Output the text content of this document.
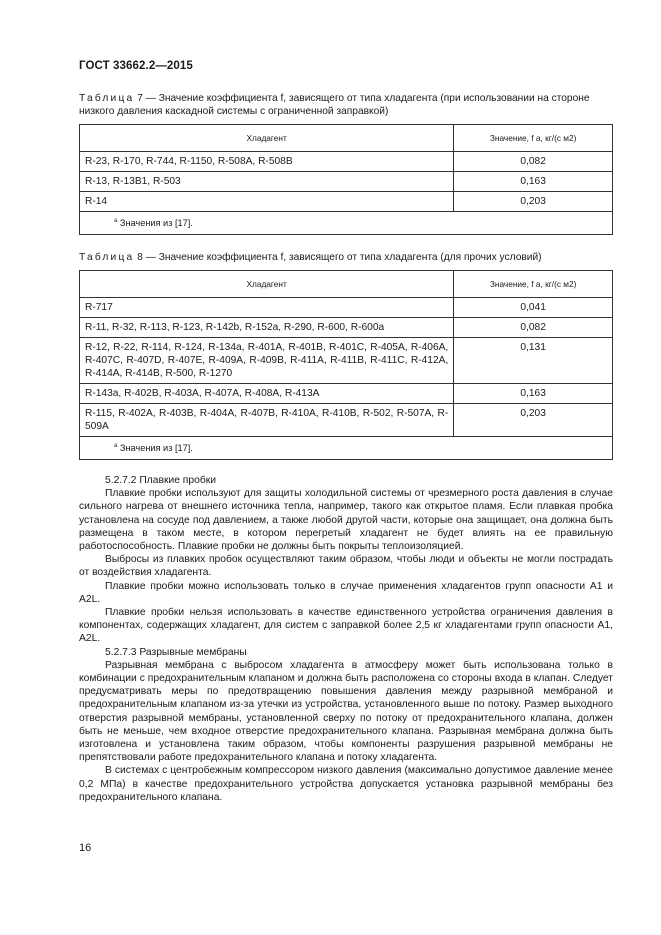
ГОСТ 33662.2—2015
Таблица 7 — Значение коэффициента f, зависящего от типа хладагента (при использовании на стороне низкого давления каскадной системы с ограниченной заправкой)
Хладагент	Значение, f a, кг/(с м2)
R-23, R-170, R-744, R-1150, R-508A, R-508B	0,082
R-13, R-13B1, R-503	0,163
R-14	0,203
$^a$ Значения из [17].	
Таблица 8 — Значение коэффициента f, зависящего от типа хладагента (для прочих условий)
Хладагент	Значение, f a, кг/(с м2)
R-717	0,041
R-11, R-32, R-113, R-123, R-142b, R-152a, R-290, R-600, R-600a	0,082
R-12, R-22, R-114, R-124, R-134a, R-401A, R-401B, R-401C, R-405A, R-406A, R-407C, R-407D, R-407E, R-409A, R-409B, R-411A, R-411B, R-411C, R-412A, R-414A, R-414B, R-500, R-1270	0,131
R-143a, R-402B, R-403A, R-407A, R-408A, R-413A	0,163
R-115, R-402A, R-403B, R-404A, R-407B, R-410A, R-410B, R-502, R-507A, R-509A	0,203
$^a$ Значения из [17].	

5.2.7.2 Плавкие пробки

Плавкие пробки используют для защиты холодильной системы от чрезмерного роста давления в случае сильного нагрева от внешнего источника тепла, например, такого как открытое пламя. Если плавкая пробка установлена на сосуде под давлением, а также любой другой части, которые она защищает, она должна быть размещена в таком месте, в котором перегретый хладагент не будет влиять на ее правильную работоспособность. Плавкие пробки не должны быть покрыты теплоизоляцией.

Выбросы из плавких пробок осуществляют таким образом, чтобы люди и объекты не могли пострадать от воздействия хладагента.

Плавкие пробки можно использовать только в случае применения хладагентов групп опасности A1 и A2L.

Плавкие пробки нельзя использовать в качестве единственного устройства ограничения давления в компонентах, содержащих хладагент, для систем с заправкой более 2,5 кг хладагентами групп опасности A1, A2L.

5.2.7.3 Разрывные мембраны

Разрывная мембрана с выбросом хладагента в атмосферу может быть использована только в комбинации с предохранительным клапаном и должна быть расположена со стороны входа в клапан. Следует предусматривать меры по предотвращению повышения давления между разрывной мембраной и предохранительным клапаном из-за утечки из устройства, установленного выше по потоку. Размер выходного отверстия разрывной мембраны, установленной сверху по потоку от предохранительного клапана, должен быть не меньше, чем входное отверстие предохранительного клапана. Разрывная мембрана должна быть изготовлена и установлена таким образом, чтобы компоненты разрушения разрывной мембраны не препятствовали работе предохранительного клапана и потоку хладагента.

В системах с центробежным компрессором низкого давления (максимально допустимое давление менее 0,2 МПа) в качестве предохранительного устройства допускается установка разрывной мембраны без предохранительного клапана.

16
